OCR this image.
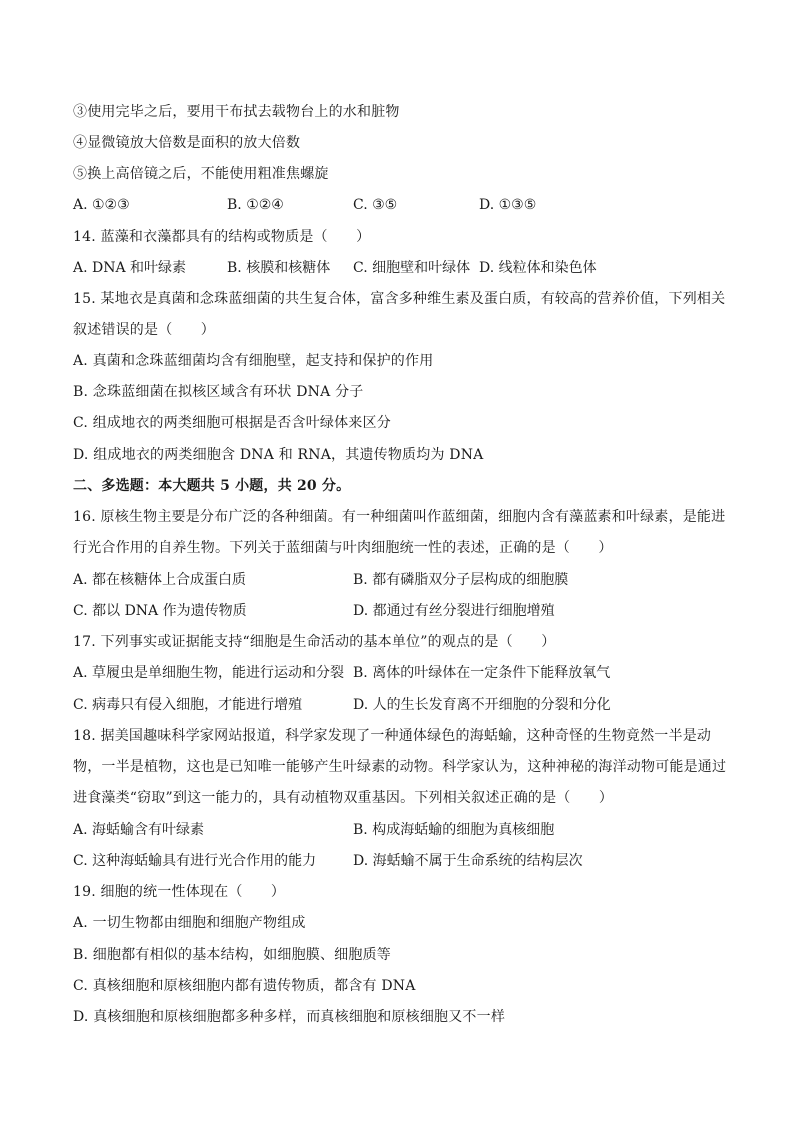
③使用完毕之后，要用干布拭去载物台上的水和脏物
④显微镜放大倍数是面积的放大倍数
⑤换上高倍镜之后，不能使用粗准焦螺旋
A. ①②③	B. ①②④	C. ③⑤	D. ①③⑤
14. 蓝藻和衣藻都具有的结构或物质是（　　）
A. DNA 和叶绿素	B. 核膜和核糖体 C. 细胞壁和叶绿体 D. 线粒体和染色体
15. 某地衣是真菌和念珠蓝细菌的共生复合体，富含多种维生素及蛋白质，有较高的营养价值，下列相关
叙述错误的是（　　）
A. 真菌和念珠蓝细菌均含有细胞壁，起支持和保护的作用
B. 念珠蓝细菌在拟核区域含有环状 DNA 分子
C. 组成地衣的两类细胞可根据是否含叶绿体来区分
D. 组成地衣的两类细胞含 DNA 和 RNA，其遗传物质均为 DNA
二、多选题：本大题共 5 小题，共 20 分。
16. 原核生物主要是分布广泛的各种细菌。有一种细菌叫作蓝细菌，细胞内含有藻蓝素和叶绿素，是能进
行光合作用的自养生物。下列关于蓝细菌与叶肉细胞统一性的表述，正确的是（　　）
A. 都在核糖体上合成蛋白质	B. 都有磷脂双分子层构成的细胞膜
C. 都以 DNA 作为遗传物质	D. 都通过有丝分裂进行细胞增殖
17. 下列事实或证据能支持“细胞是生命活动的基本单位”的观点的是（　　）
A. 草履虫是单细胞生物，能进行运动和分裂 B. 离体的叶绿体在一定条件下能释放氧气
C. 病毒只有侵入细胞，才能进行增殖	D. 人的生长发育离不开细胞的分裂和分化
18. 据美国趣味科学家网站报道，科学家发现了一种通体绿色的海蛞蝓，这种奇怪的生物竟然一半是动
物，一半是植物，这也是已知唯一能够产生叶绿素的动物。科学家认为，这种神秘的海洋动物可能是通过
进食藻类“窃取”到这一能力的，具有动植物双重基因。下列相关叙述正确的是（　　）
A. 海蛞蝓含有叶绿素	B. 构成海蛞蝓的细胞为真核细胞
C. 这种海蛞蝓具有进行光合作用的能力	D. 海蛞蝓不属于生命系统的结构层次
19. 细胞的统一性体现在（　　）
A. 一切生物都由细胞和细胞产物组成
B. 细胞都有相似的基本结构，如细胞膜、细胞质等
C. 真核细胞和原核细胞内都有遗传物质，都含有 DNA
D. 真核细胞和原核细胞都多种多样，而真核细胞和原核细胞又不一样
